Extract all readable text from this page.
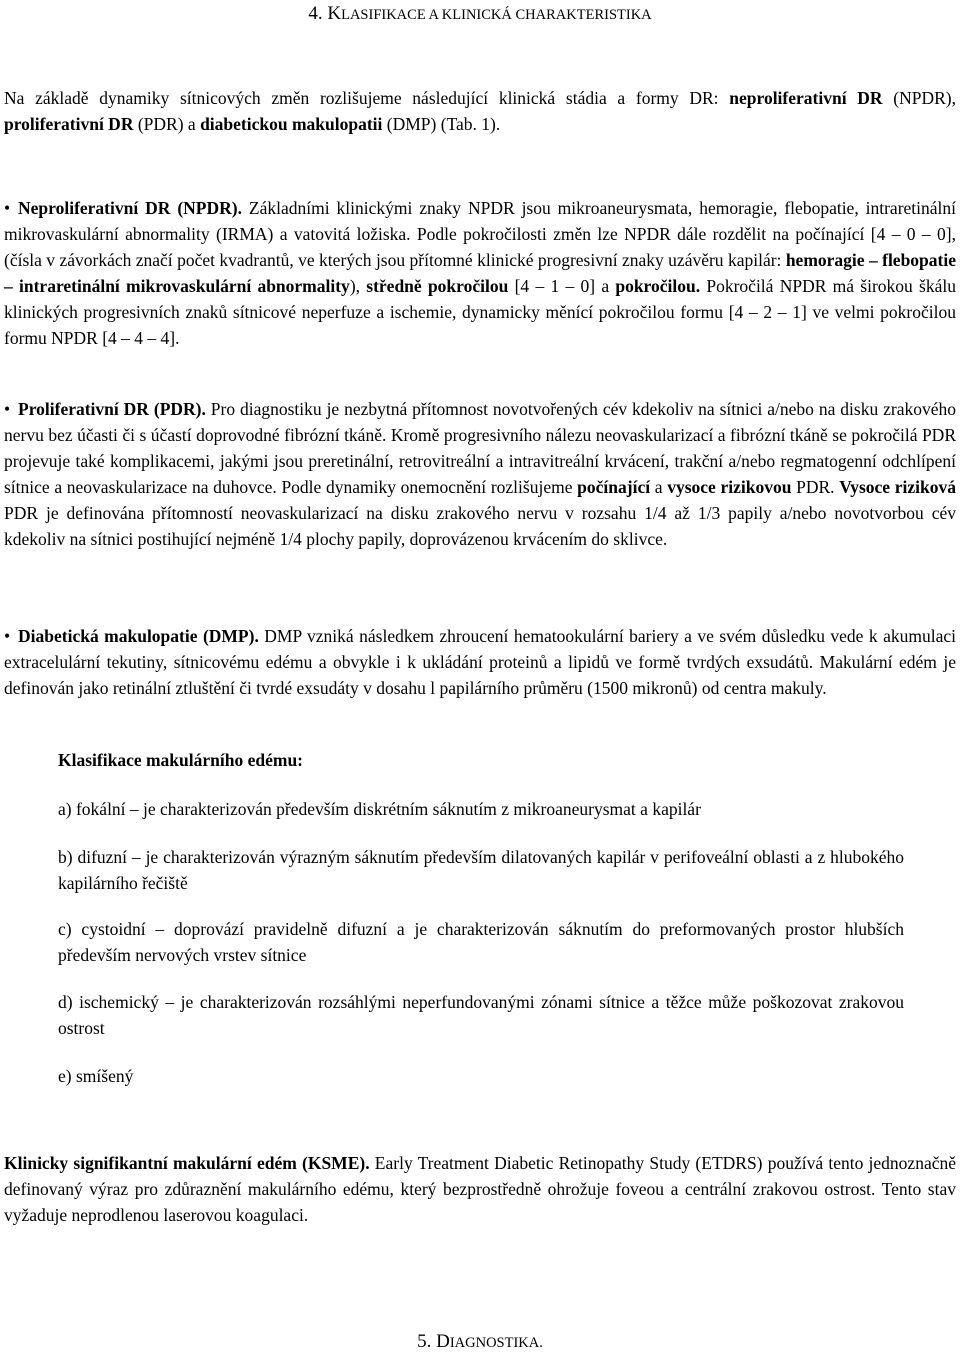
4. KLASIFIKACE A KLINICKÁ CHARAKTERISTIKA
Na základě dynamiky sítnicových změn rozlišujeme následující klinická stádia a formy DR: neproliferativní DR (NPDR), proliferativní DR (PDR) a diabetickou makulopatii (DMP) (Tab. 1).
• Neproliferativní DR (NPDR). Základními klinickými znaky NPDR jsou mikroaneurysmata, hemoragie, flebopatie, intraretinální mikrovaskulární abnormality (IRMA) a vatovitá ložiska. Podle pokročilosti změn lze NPDR dále rozdělit na počínající [4 – 0 – 0], (čísla v závorkách značí počet kvadrantů, ve kterých jsou přítomné klinické progresivní znaky uzávěru kapilár: hemoragie – flebopatie – intraretinální mikrovaskulární abnormality), středně pokročilou [4 – 1 – 0] a pokročilou. Pokročilá NPDR má širokou škálu klinických progresivních znaků sítnicové neperfuze a ischemie, dynamicky měnící pokročilou formu [4 – 2 – 1] ve velmi pokročilou formu NPDR [4 – 4 – 4].
• Proliferativní DR (PDR). Pro diagnostiku je nezbytná přítomnost novotvořených cév kdekoliv na sítnici a/nebo na disku zrakového nervu bez účasti či s účastí doprovodné fibrózní tkáně. Kromě progresivního nálezu neovaskularizací a fibrózní tkáně se pokročilá PDR projevuje také komplikacemi, jakými jsou preretinální, retrovitreální a intravitreální krvácení, trakční a/nebo regmatogenní odchlípení sítnice a neovaskularizace na duhovce. Podle dynamiky onemocnění rozlišujeme počínající a vysoce rizikovou PDR. Vysoce riziková PDR je definována přítomností neovaskularizací na disku zrakového nervu v rozsahu 1/4 až 1/3 papily a/nebo novotvorbou cév kdekoliv na sítnici postihující nejméně 1/4 plochy papily, doprovázenou krvácením do sklivce.
• Diabetická makulopatie (DMP). DMP vzniká následkem zhroucení hematookulární bariery a ve svém důsledku vede k akumulaci extracelulární tekutiny, sítnicovému edému a obvykle i k ukládání proteinů a lipidů ve formě tvrdých exsudátů. Makulární edém je definován jako retinální ztluštění či tvrdé exsudáty v dosahu l papilárního průměru (1500 mikronů) od centra makuly.
Klasifikace makulárního edému:
a) fokální – je charakterizován především diskrétním sáknutím z mikroaneurysmat a kapilár
b) difuzní – je charakterizován výrazným sáknutím především dilatovaných kapilár v perifoveální oblasti a z hlubokého kapilárního řečiště
c) cystoidní – doprovází pravidelně difuzní a je charakterizován sáknutím do preformovaných prostor hlubších především nervových vrstev sítnice
d) ischemický – je charakterizován rozsáhlými neperfundovanými zónami sítnice a těžce může poškozovat zrakovou ostrost
e) smíšený
Klinicky signifikantní makulární edém (KSME). Early Treatment Diabetic Retinopathy Study (ETDRS) používá tento jednoznačně definovaný výraz pro zdůraznění makulárního edému, který bezprostředně ohrožuje foveou a centrální zrakovou ostrost. Tento stav vyžaduje neprodlenou laserovou koagulaci.
5. DIAGNOSTIKA.
